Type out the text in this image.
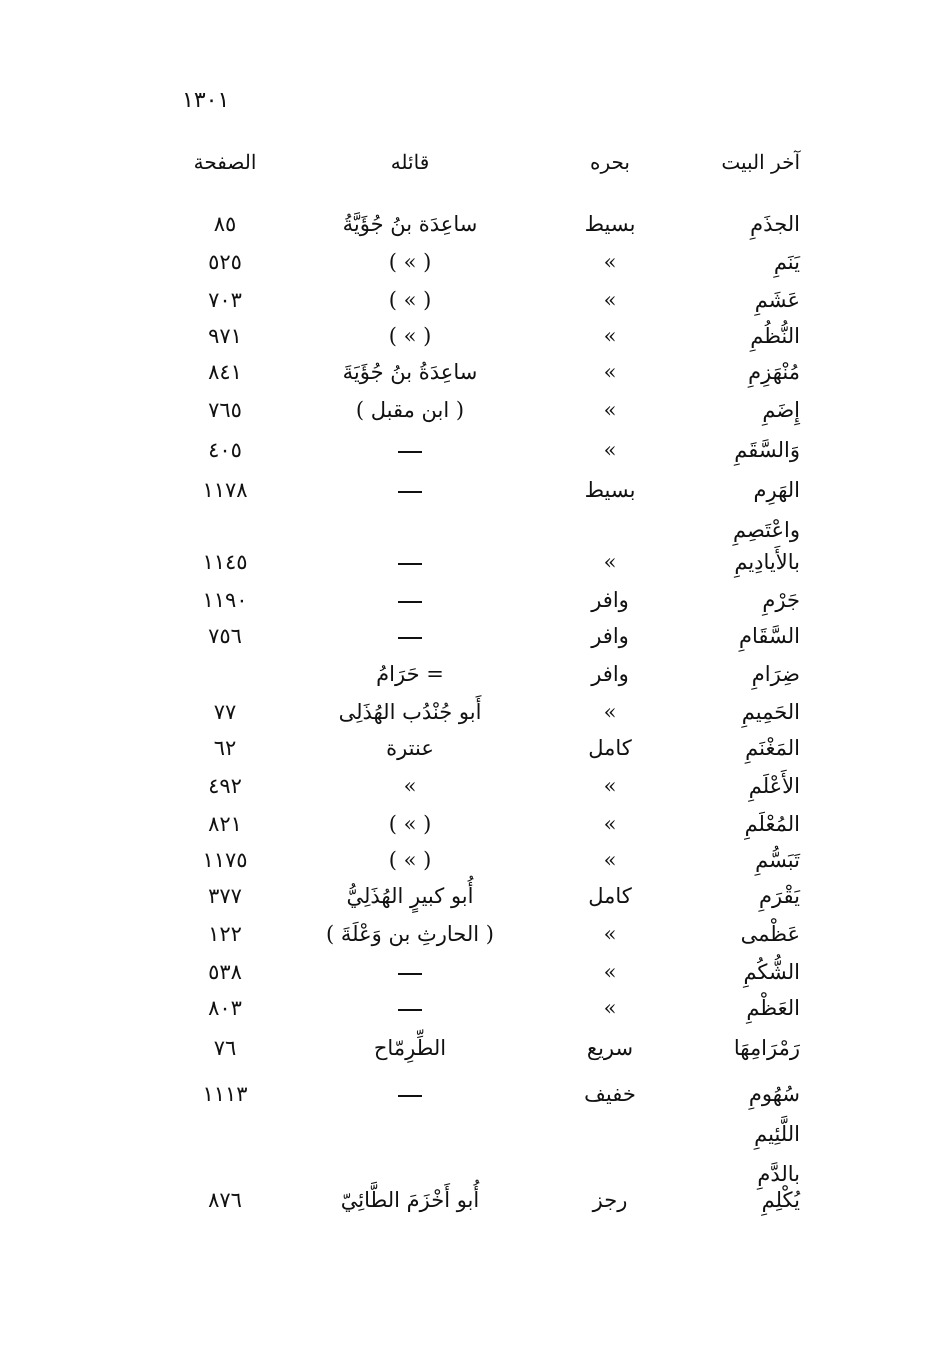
١٣٠١
آخر البيت
بحره
قائله
الصفحة
الجذَمِ
بسيط
ساعِدَة بنُ جُؤَيَّةُ
٨٥
يَنَمِ
»
( » )
٥٢٥
عَشَمِ
»
( » )
٧٠٣
النُّظُمِ
»
( » )
٩٧١
مُنْهَزِمِ
»
ساعِدَةُ بنُ جُؤَيَةَ
٨٤١
إِضَمِ
»
( ابن مقبل )
٧٦٥
وَالسَّقَمِ
»
٤٠٥
الهَرِم
بسيط
١١٧٨
واعْتَصِمِ
بالأَيادِيمِ
»
١١٤٥
جَرْمِ
وافر
١١٩٠
السَّقَامِ
وافر
٧٥٦
ضِرَامِ
وافر
= حَرَامُ
الحَمِيمِ
»
أَبو جُنْدُب الهُذَلِى
٧٧
المَغْنَمِ
كامل
عنترة
٦٢
الأَعْلَمِ
»
»
٤٩٢
المُعْلَمِ
»
( » )
٨٢١
تَبَسُّمِ
»
( » )
١١٧٥
يَقْرَمِ
كامل
أُبو كبيرٍ الهُذَلِيُّ
٣٧٧
عَظْمى
»
( الحارثِ بن وَعْلَةَ )
١٢٢
الشُّكُمِ
»
٥٣٨
العَظْمِ
»
٨٠٣
رَمْرَامِهَا
سريع
الطِّرِمّاح
٧٦
سُهُومِ
خفيف
١١١٣
اللَّئِيمِ
بالدَّمِ
يُكْلِمِ
رجز
أُبو أَخْزَمَ الطَّائِيّ
٨٧٦
